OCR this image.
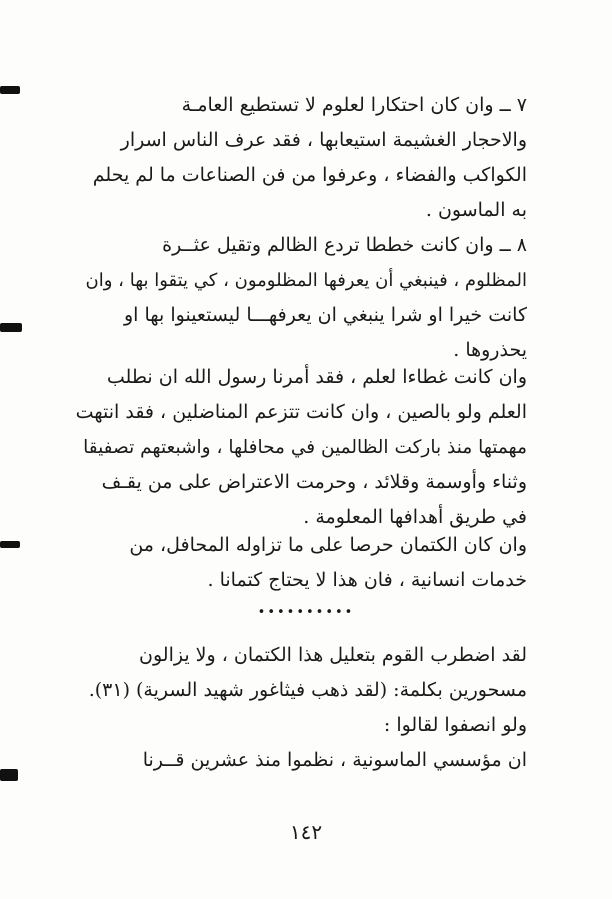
٧ ــ وان كان احتكارا لعلوم لا تستطيع العامـة
والاحجار الغشيمة استيعابها ، فقد عرف الناس اسرار
الكواكب والفضاء ، وعرفوا من فن الصناعات ما لم يحلم
به الماسون .
٨ ــ وان كانت خططا تردع الظالم وتقيل عثــرة
المظلوم ، فينبغي أن يعرفها المظلومون ، كي يتقوا بها ، وان
كانت خيرا او شرا ينبغي ان يعرفهـــا ليستعينوا بها او
يحذروها .
وان كانت غطاءا لعلم ، فقد أمرنا رسول الله ان نطلب
العلم ولو بالصين ، وان كانت تتزعم المناضلين ، فقد انتهت
مهمتها منذ باركت الظالمين في محافلها ، واشبعتهم تصفيقا
وثناء وأوسمة وقلائد ، وحرمت الاعتراض على من يقـف
في طريق أهدافها المعلومة .
وان كان الكتمان حرصا على ما تزاوله المحافل، من
خدمات انسانية ، فان هذا لا يحتاج كتمانا .
••••••••••
لقد اضطرب القوم بتعليل هذا الكتمان ، ولا يزالون
مسحورين بكلمة: (لقد ذهب فيثاغور شهيد السرية) (٣١).
ولو انصفوا لقالوا :
ان مؤسسي الماسونية ، نظموا منذ عشرين قــرنا
١٤٢
